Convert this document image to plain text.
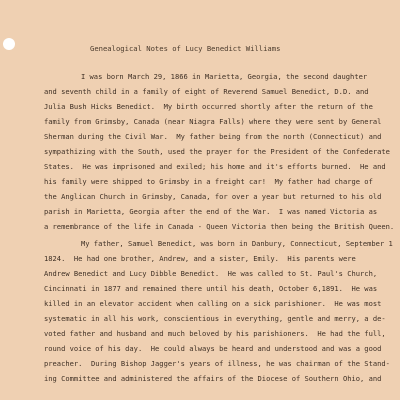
Genealogical Notes of Lucy Benedict Williams
I was born March 29, 1866 in Marietta, Georgia, the second daughter
and seventh child in a family of eight of Reverend Samuel Benedict, D.D. and
Julia Bush Hicks Benedict.  My birth occurred shortly after the return of the
family from Grimsby, Canada (near Niagra Falls) where they were sent by General
Sherman during the Civil War.  My father being from the north (Connecticut) and
sympathizing with the South, used the prayer for the President of the Confederate
States.  He was imprisoned and exiled; his home and it's efforts burned.  He and
his family were shipped to Grimsby in a freight car!  My father had charge of
the Anglican Church in Grimsby, Canada, for over a year but returned to his old
parish in Marietta, Georgia after the end of the War.  I was named Victoria as
a remembrance of the life in Canada - Queen Victoria then being the British Queen.
My father, Samuel Benedict, was born in Danbury, Connecticut, September 1
1824.  He had one brother, Andrew, and a sister, Emily.  His parents were
Andrew Benedict and Lucy Dibble Benedict.  He was called to St. Paul's Church,
Cincinnati in 1877 and remained there until his death, October 6,1891.  He was
killed in an elevator accident when calling on a sick parishioner.  He was most
systematic in all his work, conscientious in everything, gentle and merry, a de-
voted father and husband and much beloved by his parishioners.  He had the full,
round voice of his day.  He could always be heard and understood and was a good
preacher.  During Bishop Jagger's years of illness, he was chairman of the Stand-
ing Committee and administered the affairs of the Diocese of Southern Ohio, and
